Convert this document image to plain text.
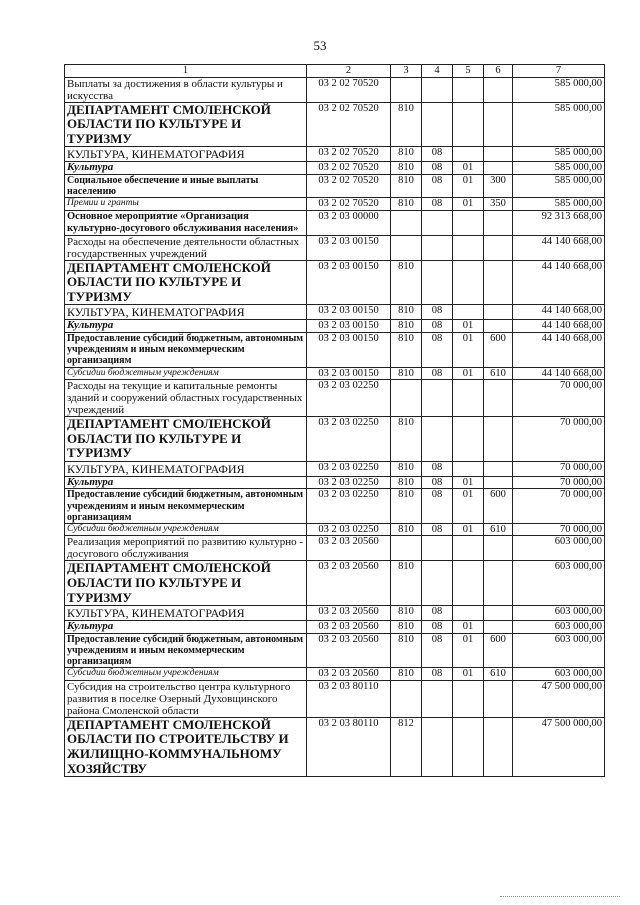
53
1	2	3	4	5	6	7
Выплаты за достижения в области культуры и искусства	03 2 02 70520					585 000,00
ДЕПАРТАМЕНТ СМОЛЕНСКОЙ ОБЛАСТИ ПО КУЛЬТУРЕ И ТУРИЗМУ	03 2 02 70520	810				585 000,00
КУЛЬТУРА, КИНЕМАТОГРАФИЯ	03 2 02 70520	810	08			585 000,00
Культура	03 2 02 70520	810	08	01		585 000,00
Социальное обеспечение и иные выплаты населению	03 2 02 70520	810	08	01	300	585 000,00
Премии и гранты	03 2 02 70520	810	08	01	350	585 000,00
Основное мероприятие «Организация культурно-досугового обслуживания населения»	03 2 03 00000					92 313 668,00
Расходы на обеспечение деятельности областных государственных учреждений	03 2 03 00150					44 140 668,00
ДЕПАРТАМЕНТ СМОЛЕНСКОЙ ОБЛАСТИ ПО КУЛЬТУРЕ И ТУРИЗМУ	03 2 03 00150	810				44 140 668,00
КУЛЬТУРА, КИНЕМАТОГРАФИЯ	03 2 03 00150	810	08			44 140 668,00
Культура	03 2 03 00150	810	08	01		44 140 668,00
Предоставление субсидий бюджетным, автономным учреждениям и иным некоммерческим организациям	03 2 03 00150	810	08	01	600	44 140 668,00
Субсидии бюджетным учреждениям	03 2 03 00150	810	08	01	610	44 140 668,00
Расходы на текущие и капитальные ремонты зданий и сооружений областных государственных учреждений	03 2 03 02250					70 000,00
ДЕПАРТАМЕНТ СМОЛЕНСКОЙ ОБЛАСТИ ПО КУЛЬТУРЕ И ТУРИЗМУ	03 2 03 02250	810				70 000,00
КУЛЬТУРА, КИНЕМАТОГРАФИЯ	03 2 03 02250	810	08			70 000,00
Культура	03 2 03 02250	810	08	01		70 000,00
Предоставление субсидий бюджетным, автономным учреждениям и иным некоммерческим организациям	03 2 03 02250	810	08	01	600	70 000,00
Субсидии бюджетным учреждениям	03 2 03 02250	810	08	01	610	70 000,00
Реализация мероприятий по развитию культурно - досугового обслуживания	03 2 03 20560					603 000,00
ДЕПАРТАМЕНТ СМОЛЕНСКОЙ ОБЛАСТИ ПО КУЛЬТУРЕ И ТУРИЗМУ	03 2 03 20560	810				603 000,00
КУЛЬТУРА, КИНЕМАТОГРАФИЯ	03 2 03 20560	810	08			603 000,00
Культура	03 2 03 20560	810	08	01		603 000,00
Предоставление субсидий бюджетным, автономным учреждениям и иным некоммерческим организациям	03 2 03 20560	810	08	01	600	603 000,00
Субсидии бюджетным учреждениям	03 2 03 20560	810	08	01	610	603 000,00
Субсидия на строительство центра культурного развития в поселке Озерный Духовщинского района Смоленской области	03 2 03 80110					47 500 000,00
ДЕПАРТАМЕНТ СМОЛЕНСКОЙ ОБЛАСТИ ПО СТРОИТЕЛЬСТВУ И ЖИЛИЩНО-КОММУНАЛЬНОМУ ХОЗЯЙСТВУ	03 2 03 80110	812				47 500 000,00
